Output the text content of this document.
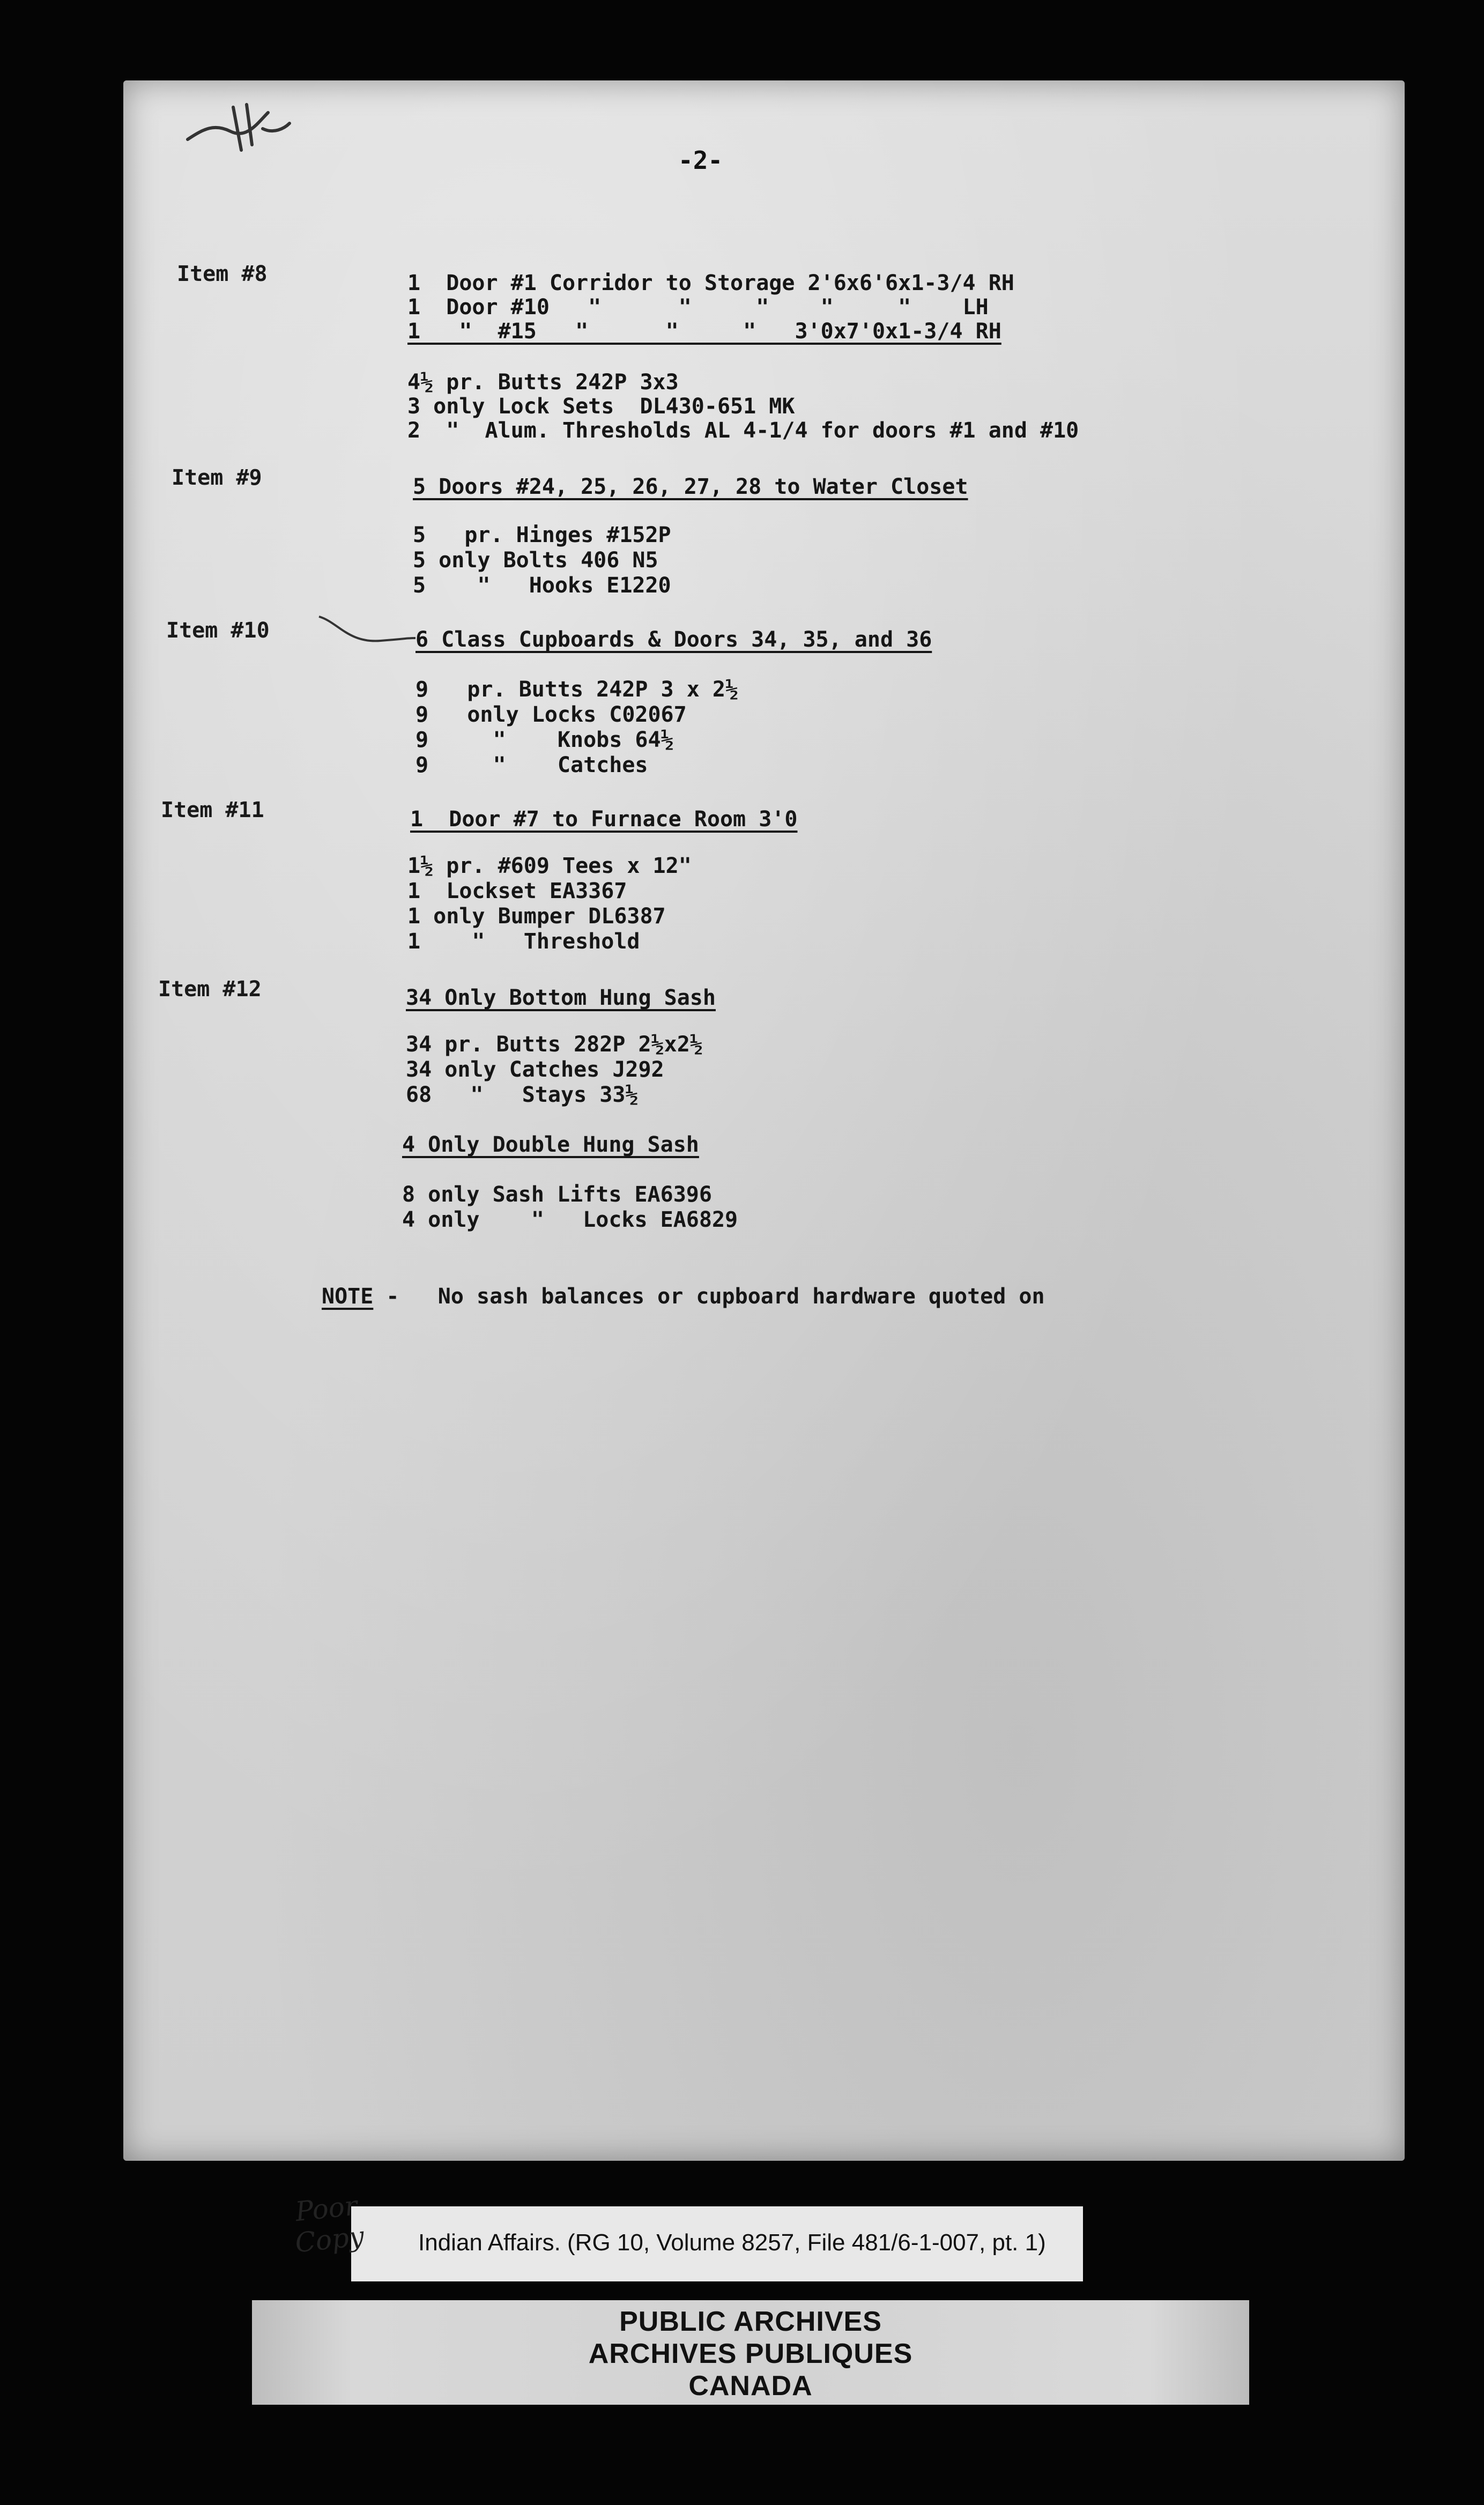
-2-
Item #8	1  Door #1 Corridor to Storage 2'6x6'6x1-3/4 RH
1  Door #10   "      "     "    "     "    LH
1   "  #15   "      "     "   3'0x7'0x1-3/4 RH
4½ pr. Butts 242P 3x3
3 only Lock Sets  DL430-651 MK
2  "  Alum. Thresholds AL 4-1/4 for doors #1 and #10
Item #9	5 Doors #24, 25, 26, 27, 28 to Water Closet
5   pr. Hinges #152P
5 only Bolts 406 N5
5    "   Hooks E1220
Item #10	6 Class Cupboards & Doors 34, 35, and 36
9   pr. Butts 242P 3 x 2½
9   only Locks C02067
9     "    Knobs 64½
9     "    Catches
Item #11	1  Door #7 to Furnace Room 3'0
1½ pr. #609 Tees x 12"
1  Lockset EA3367
1 only Bumper DL6387
1    "   Threshold
Item #12	34 Only Bottom Hung Sash
34 pr. Butts 282P 2½x2½
34 only Catches J292
68   "   Stays 33½
4 Only Double Hung Sash
8 only Sash Lifts EA6396
4 only    "   Locks EA6829
NOTE -   No sash balances or cupboard hardware quoted on
Poor Copy	Indian Affairs. (RG 10, Volume 8257, File 481/6-1-007, pt. 1)
PUBLIC ARCHIVES
ARCHIVES PUBLIQUES
CANADA
